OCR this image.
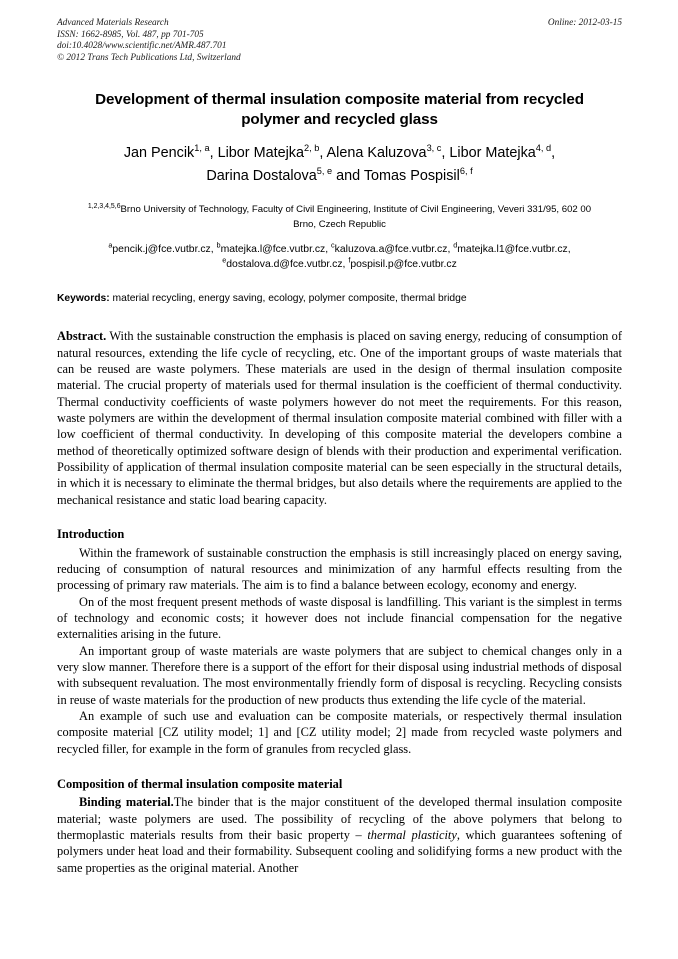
Online: 2012-03-15
Advanced Materials Research
ISSN: 1662-8985, Vol. 487, pp 701-705
doi:10.4028/www.scientific.net/AMR.487.701
© 2012 Trans Tech Publications Ltd, Switzerland
Development of thermal insulation composite material from recycled polymer and recycled glass
Jan Pencik$^{1, a}$, Libor Matejka$^{2, b}$, Alena Kaluzova$^{3, c}$, Libor Matejka$^{4, d}$,
Darina Dostalova$^{5, e}$ and Tomas Pospisil$^{6, f}$
$^{1,2,3,4,5,6}$Brno University of Technology, Faculty of Civil Engineering, Institute of Civil Engineering, Veveri 331/95, 602 00 Brno, Czech Republic
$^a$pencik.j@fce.vutbr.cz, $^b$matejka.l@fce.vutbr.cz, $^c$kaluzova.a@fce.vutbr.cz, $^d$matejka.l1@fce.vutbr.cz, $^e$dostalova.d@fce.vutbr.cz, $^f$pospisil.p@fce.vutbr.cz
Keywords: material recycling, energy saving, ecology, polymer composite, thermal bridge
Abstract. With the sustainable construction the emphasis is placed on saving energy, reducing of consumption of natural resources, extending the life cycle of recycling, etc. One of the important groups of waste materials that can be reused are waste polymers. These materials are used in the design of thermal insulation composite material. The crucial property of materials used for thermal insulation is the coefficient of thermal conductivity. Thermal conductivity coefficients of waste polymers however do not meet the requirements. For this reason, waste polymers are within the development of thermal insulation composite material combined with filler with a low coefficient of thermal conductivity. In developing of this composite material the developers combine a method of theoretically optimized software design of blends with their production and experimental verification. Possibility of application of thermal insulation composite material can be seen especially in the structural details, in which it is necessary to eliminate the thermal bridges, but also details where the requirements are applied to the mechanical resistance and static load bearing capacity.
Introduction

Within the framework of sustainable construction the emphasis is still increasingly placed on energy saving, reducing of consumption of natural resources and minimization of any harmful effects resulting from the processing of primary raw materials. The aim is to find a balance between ecology, economy and energy.

On of the most frequent present methods of waste disposal is landfilling. This variant is the simplest in terms of technology and economic costs; it however does not include financial compensation for the negative externalities arising in the future.

An important group of waste materials are waste polymers that are subject to chemical changes only in a very slow manner. Therefore there is a support of the effort for their disposal using industrial methods of disposal with subsequent revaluation. The most environmentally friendly form of disposal is recycling. Recycling consists in reuse of waste materials for the production of new products thus extending the life cycle of the material.

An example of such use and evaluation can be composite materials, or respectively thermal insulation composite material [CZ utility model; 1] and [CZ utility model; 2] made from recycled waste polymers and recycled filler, for example in the form of granules from recycled glass.

Composition of thermal insulation composite material

Binding material.The binder that is the major constituent of the developed thermal insulation composite material; waste polymers are used. The possibility of recycling of the above polymers that belong to thermoplastic materials results from their basic property – thermal plasticity, which guarantees softening of polymers under heat load and their formability. Subsequent cooling and solidifying forms a new product with the same properties as the original material. Another
